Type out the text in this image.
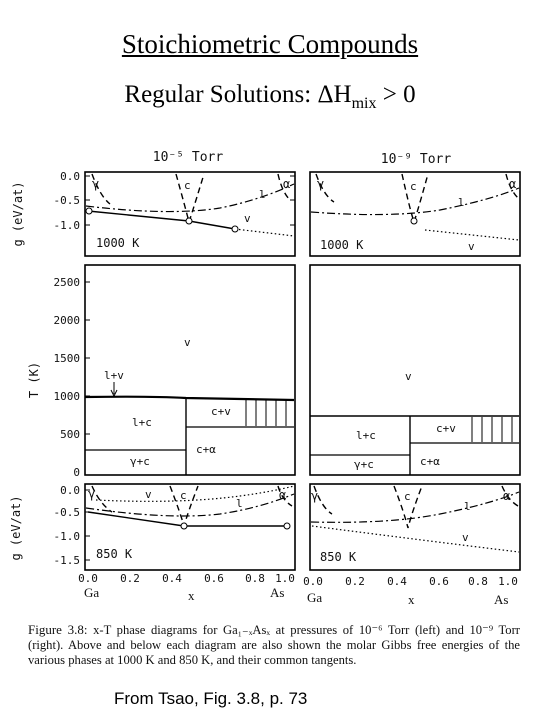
Stoichiometric Compounds
Regular Solutions: $\Delta H_{mix} > 0$
10⁻⁵ Torr	10⁻⁹ Torr
0.0
-0.5
-1.0
γ	c
l
α
v
1000 K
γ	c
l
α
v
1000 K
g (eV/at)
T (K)
g (eV/at)
2500
2000
1500
1000
500
0
v
l+v
l+c
γ+c
c+v
c+α
v
l+c
γ+c
c+v
c+α
0.0
-0.5
-1.0
-1.5
γ	v	c
l
α
850 K
γ	c
l
α
v
850 K
0.0 0.2 0.4 0.6 0.8 1.0
Ga	x	As
0.0 0.2 0.4 0.6 0.8 1.0
Ga	x	As
Figure 3.8: x-T phase diagrams for Ga₁₋ₓAsₓ at pressures of 10⁻⁶ Torr (left) and 10⁻⁹ Torr (right). Above and below each diagram are also shown the molar Gibbs free energies of the various phases at 1000 K and 850 K, and their common tangents.
From Tsao, Fig. 3.8, p. 73
